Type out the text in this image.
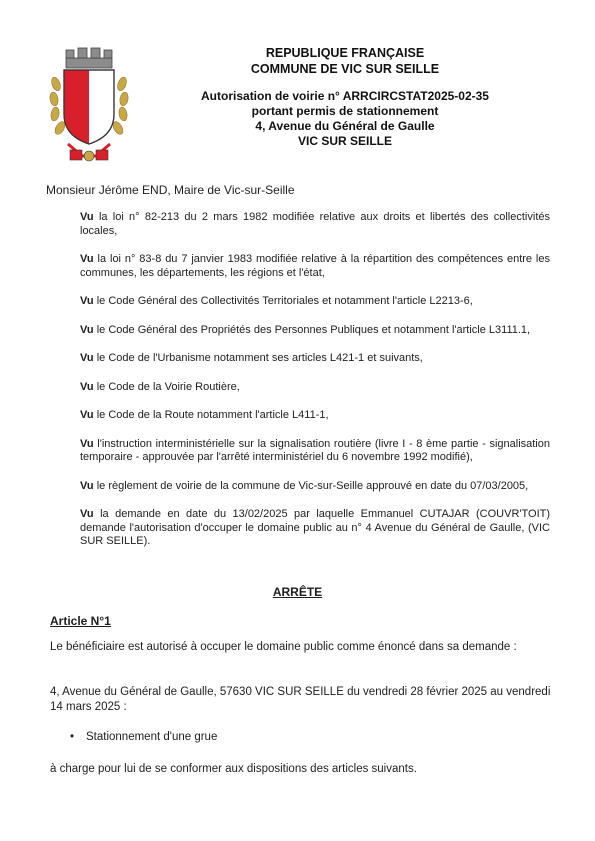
REPUBLIQUE FRANÇAISE
COMMUNE DE VIC SUR SEILLE
Autorisation de voirie n° ARRCIRCSTAT2025-02-35
portant permis de stationnement
4, Avenue du Général de Gaulle
VIC SUR SEILLE
Monsieur Jérôme END, Maire de Vic-sur-Seille

Vu la loi n° 82-213 du 2 mars 1982 modifiée relative aux droits et libertés des collectivités locales,

Vu la loi n° 83-8 du 7 janvier 1983 modifiée relative à la répartition des compétences entre les communes, les départements, les régions et l'état,

Vu le Code Général des Collectivités Territoriales et notamment l'article L2213-6,

Vu le Code Général des Propriétés des Personnes Publiques et notamment l'article L3111.1,

Vu le Code de l'Urbanisme notamment ses articles L421-1 et suivants,

Vu le Code de la Voirie Routière,

Vu le Code de la Route notamment l'article L411-1,

Vu l'instruction interministérielle sur la signalisation routière (livre I - 8 ème partie - signalisation temporaire - approuvée par l'arrêté interministériel du 6 novembre 1992 modifié),

Vu le règlement de voirie de la commune de Vic-sur-Seille approuvé en date du 07/03/2005,

Vu la demande en date du 13/02/2025 par laquelle Emmanuel CUTAJAR (COUVR'TOIT) demande l'autorisation d'occuper le domaine public au n° 4 Avenue du Général de Gaulle, (VIC SUR SEILLE).

ARRÊTE
Article N°1
Le bénéficiaire est autorisé à occuper le domaine public comme énoncé dans sa demande :
4, Avenue du Général de Gaulle, 57630 VIC SUR SEILLE du vendredi 28 février 2025 au vendredi 14 mars 2025 :
• Stationnement d'une grue
à charge pour lui de se conformer aux dispositions des articles suivants.
